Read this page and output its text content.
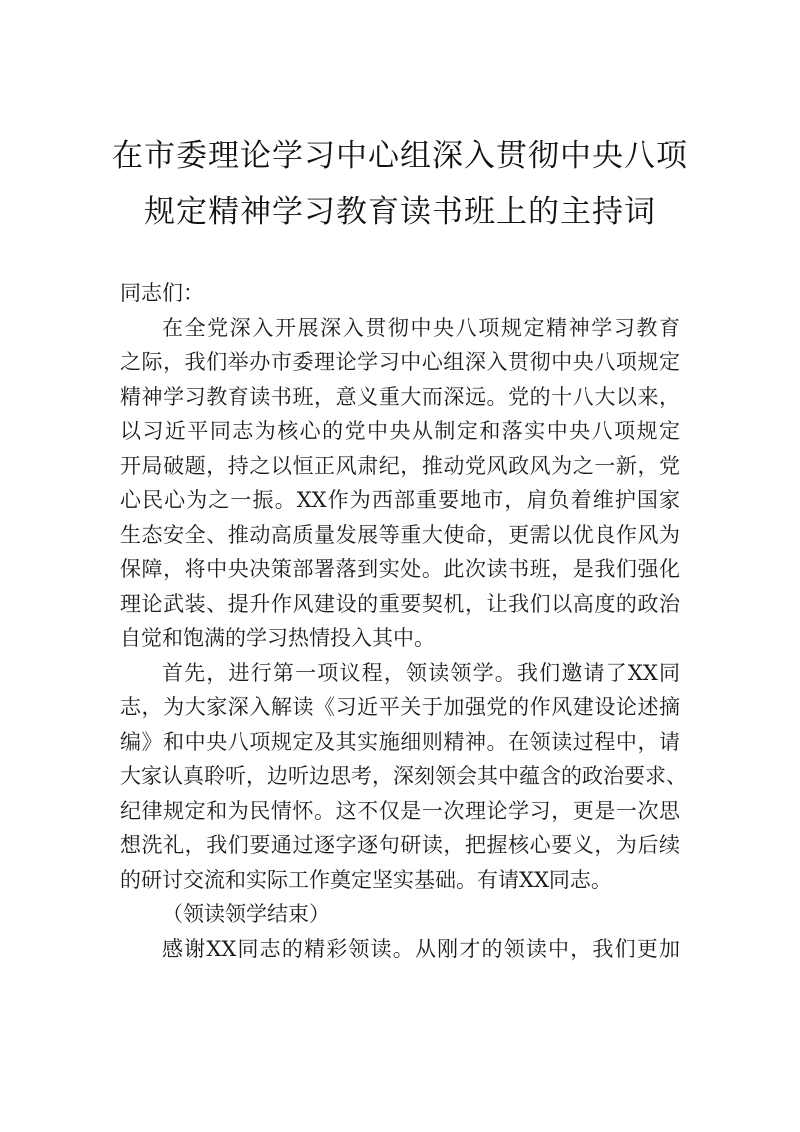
在市委理论学习中心组深入贯彻中央八项
规定精神学习教育读书班上的主持词
同志们：
在全党深入开展深入贯彻中央八项规定精神学习教育
之际，我们举办市委理论学习中心组深入贯彻中央八项规定
精神学习教育读书班，意义重大而深远。党的十八大以来，
以习近平同志为核心的党中央从制定和落实中央八项规定
开局破题，持之以恒正风肃纪，推动党风政风为之一新，党
心民心为之一振。XX作为西部重要地市，肩负着维护国家
生态安全、推动高质量发展等重大使命，更需以优良作风为
保障，将中央决策部署落到实处。此次读书班，是我们强化
理论武装、提升作风建设的重要契机，让我们以高度的政治
自觉和饱满的学习热情投入其中。
首先，进行第一项议程，领读领学。我们邀请了XX同
志，为大家深入解读《习近平关于加强党的作风建设论述摘
编》和中央八项规定及其实施细则精神。在领读过程中，请
大家认真聆听，边听边思考，深刻领会其中蕴含的政治要求、
纪律规定和为民情怀。这不仅是一次理论学习，更是一次思
想洗礼，我们要通过逐字逐句研读，把握核心要义，为后续
的研讨交流和实际工作奠定坚实基础。有请XX同志。
（领读领学结束）
感谢XX同志的精彩领读。从刚才的领读中，我们更加
